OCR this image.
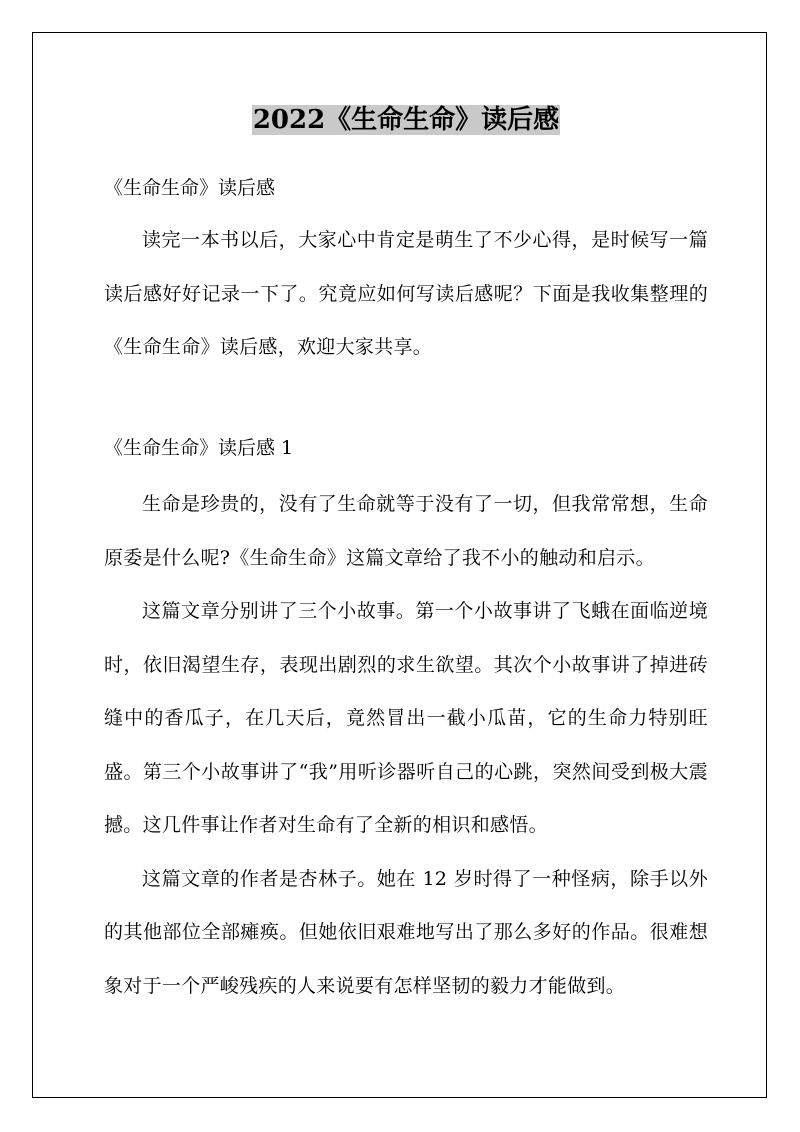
2022《生命生命》读后感

《生命生命》读后感

读完一本书以后，大家心中肯定是萌生了不少心得，是时候写一篇读后感好好记录一下了。究竟应如何写读后感呢？下面是我收集整理的《生命生命》读后感，欢迎大家共享。

《生命生命》读后感 1

生命是珍贵的，没有了生命就等于没有了一切，但我常常想，生命原委是什么呢?《生命生命》这篇文章给了我不小的触动和启示。

这篇文章分别讲了三个小故事。第一个小故事讲了飞蛾在面临逆境时，依旧渴望生存，表现出剧烈的求生欲望。其次个小故事讲了掉进砖缝中的香瓜子，在几天后，竟然冒出一截小瓜苗，它的生命力特别旺盛。第三个小故事讲了“我”用听诊器听自己的心跳，突然间受到极大震撼。这几件事让作者对生命有了全新的相识和感悟。

这篇文章的作者是杏林子。她在 12 岁时得了一种怪病，除手以外的其他部位全部瘫痪。但她依旧艰难地写出了那么多好的作品。很难想象对于一个严峻残疾的人来说要有怎样坚韧的毅力才能做到。
